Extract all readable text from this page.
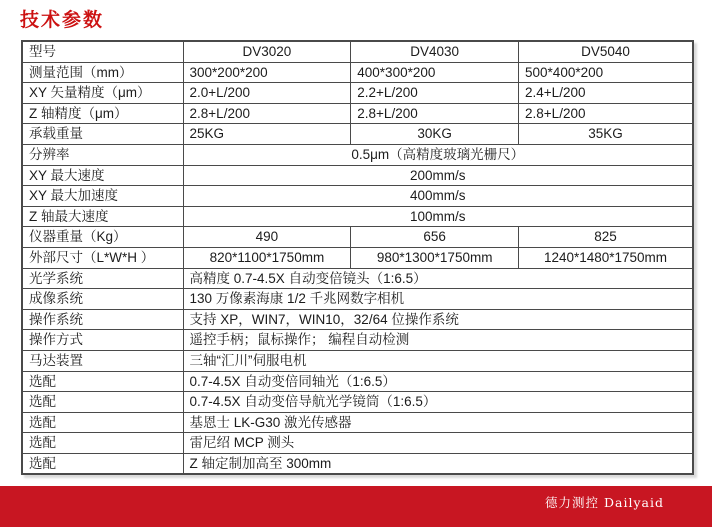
技术参数
型号	DV3020	DV4030	DV5040
测量范围（mm）	300*200*200	400*300*200	500*400*200
XY 矢量精度（μm）	2.0+L/200	2.2+L/200	2.4+L/200
Z 轴精度（μm）	2.8+L/200	2.8+L/200	2.8+L/200
承载重量	25KG	30KG	35KG
分辨率	0.5μm（高精度玻璃光栅尺）		
XY 最大速度	200mm/s		
XY 最大加速度	400mm/s		
Z 轴最大速度	100mm/s		
仪器重量（Kg）	490	656	825
外部尺寸（L*W*H ）	820*1100*1750mm	980*1300*1750mm	1240*1480*1750mm
光学系统	高精度 0.7-4.5X 自动变倍镜头（1:6.5）		
成像系统	130 万像素海康 1/2 千兆网数字相机		
操作系统	支持 XP，WIN7，WIN10，32/64 位操作系统		
操作方式	遥控手柄；鼠标操作； 编程自动检测		
马达装置	三轴“汇川”伺服电机		
选配	0.7-4.5X 自动变倍同轴光（1:6.5）		
选配	0.7-4.5X 自动变倍导航光学镜筒（1:6.5）		
选配	基恩士 LK-G30 激光传感器		
选配	雷尼绍 MCP 测头		
选配	Z 轴定制加高至 300mm		
德力测控 Dailyaid
